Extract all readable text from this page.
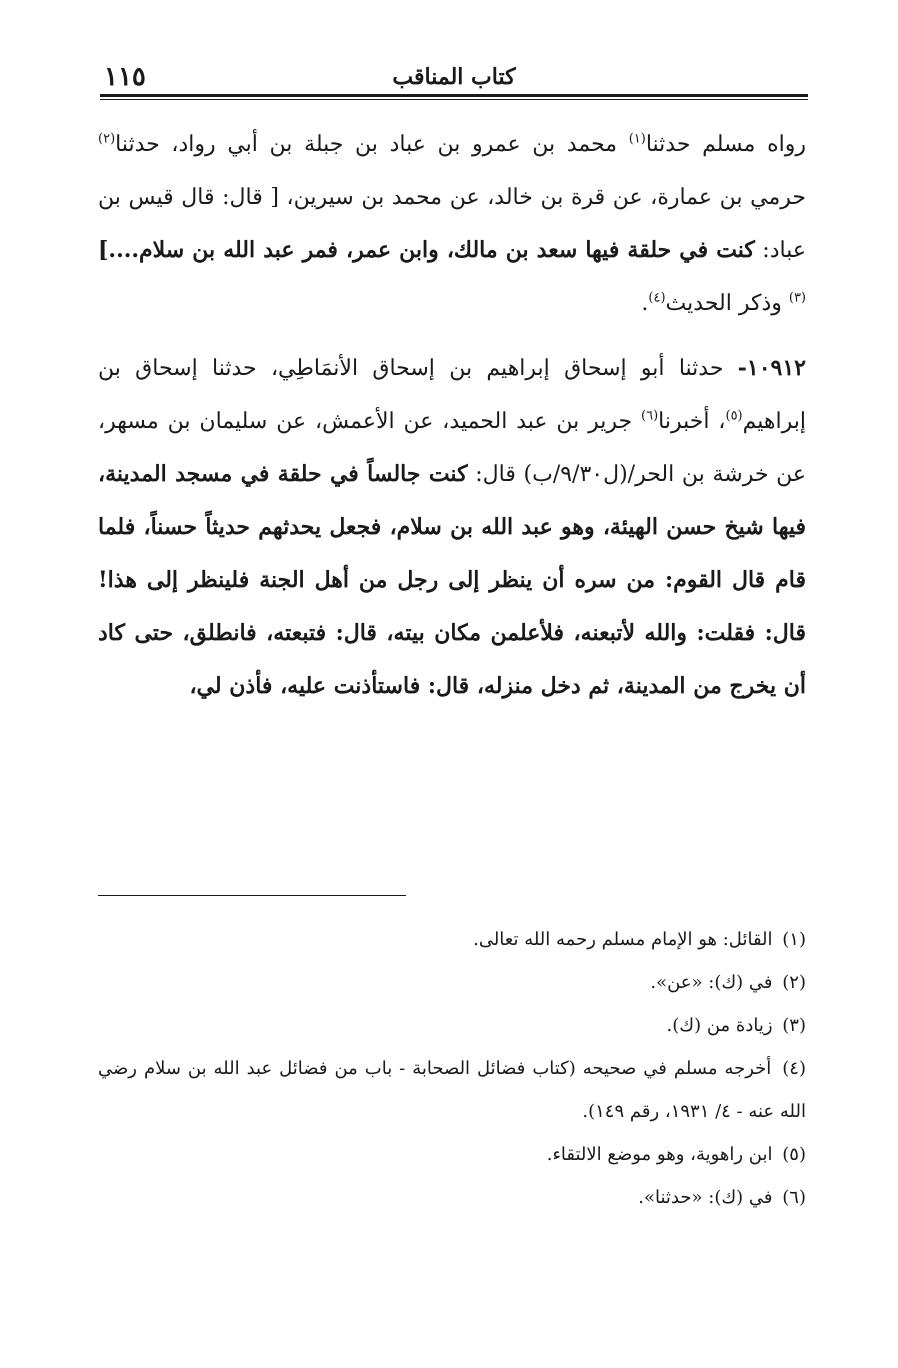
كتاب المناقب
١١٥

رواه مسلم حدثنا$^{(١)}$ محمد بن عمرو بن عباد بن جبلة بن أبي رواد، حدثنا$^{(٢)}$ حرمي بن عمارة، عن قرة بن خالد، عن محمد بن سيرين، [ قال: قال قيس بن عباد: كنت في حلقة فيها سعد بن مالك، وابن عمر، فمر عبد الله بن سلام....]$^{(٣)}$ وذكر الحديث$^{(٤)}$.

١٠٩١٢- حدثنا أبو إسحاق إبراهيم بن إسحاق الأنمَاطِي، حدثنا إسحاق بن إبراهيم$^{(٥)}$، أخبرنا$^{(٦)}$ جرير بن عبد الحميد، عن الأعمش، عن سليمان بن مسهر، عن خرشة بن الحر/(ل٩/٣٠/ب) قال: كنت جالساً في حلقة في مسجد المدينة، فيها شيخ حسن الهيئة، وهو عبد الله بن سلام، فجعل يحدثهم حديثاً حسناً، فلما قام قال القوم: من سره أن ينظر إلى رجل من أهل الجنة فلينظر إلى هذا! قال: فقلت: والله لأتبعنه، فلأعلمن مكان بيته، قال: فتبعته، فانطلق، حتى كاد أن يخرج من المدينة، ثم دخل منزله، قال: فاستأذنت عليه، فأذن لي،

(١) القائل: هو الإمام مسلم رحمه الله تعالى.

(٢) في (ك): «عن».

(٣) زيادة من (ك).

(٤) أخرجه مسلم في صحيحه (كتاب فضائل الصحابة - باب من فضائل عبد الله بن سلام رضي الله عنه - ٤/ ١٩٣١، رقم ١٤٩).

(٥) ابن راهوية، وهو موضع الالتقاء.

(٦) في (ك): «حدثنا».
